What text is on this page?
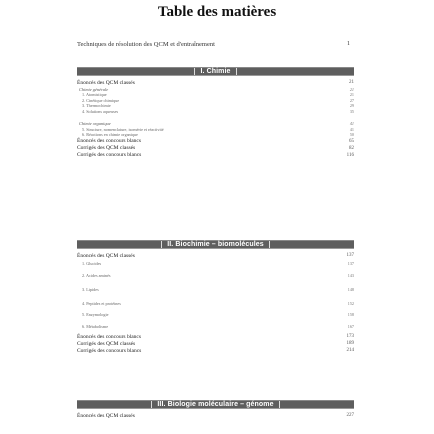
Table des matières
Techniques de résolution des QCM et d'entraînement	1
I. Chimie
Énoncés des QCM classés	21
Chimie générale	21
1. Atomistique	21
2. Cinétique chimique	27
3. Thermochimie	29
4. Solutions aqueuses	35
Chimie organique	41
5. Structure, nomenclature, isomérie et réactivité	41
6. Réactions en chimie organique	50
Énoncés des concours blancs	65
Corrigés des QCM classés	82
Corrigés des concours blancs	116
II. Biochimie – biomolécules
Énoncés des QCM classés	137
1. Glucides	137
2. Acides aminés	143
3. Lipides	148
4. Peptides et protéines	152
5. Enzymologie	158
6. Métabolisme	167
Énoncés des concours blancs	173
Corrigés des QCM classés	189
Corrigés des concours blancs	214
III. Biologie moléculaire – génome
Énoncés des QCM classés	227
